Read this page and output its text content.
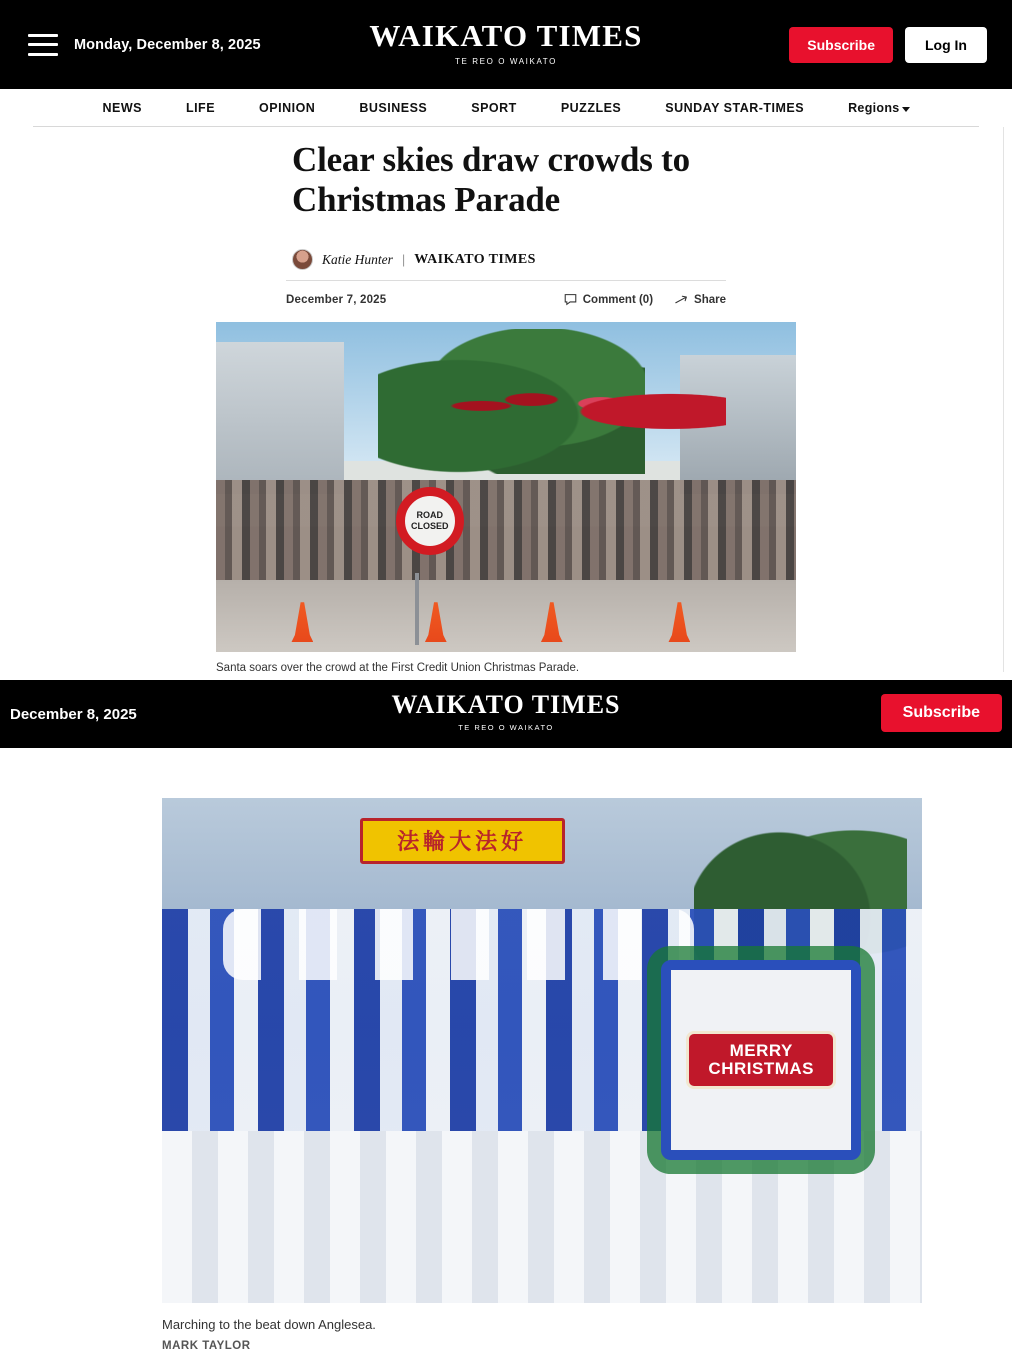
Monday, December 8, 2025	WAIKATO TIMES
TE REO O WAIKATO
Subscribe	Log In
NEWS	LIFE	OPINION	BUSINESS	SPORT	PUZZLES	SUNDAY STAR-TIMES	Regions
Clear skies draw crowds to Christmas Parade
Katie Hunter | WAIKATO TIMES
December 7, 2025	Comment (0)	Share
ROAD
CLOSED
Santa soars over the crowd at the First Credit Union Christmas Parade.
December 8, 2025	WAIKATO TIMES
TE REO O WAIKATO
Subscribe
法輪大法好
MERRY
CHRISTMAS
Marching to the beat down Anglesea.
MARK TAYLOR
